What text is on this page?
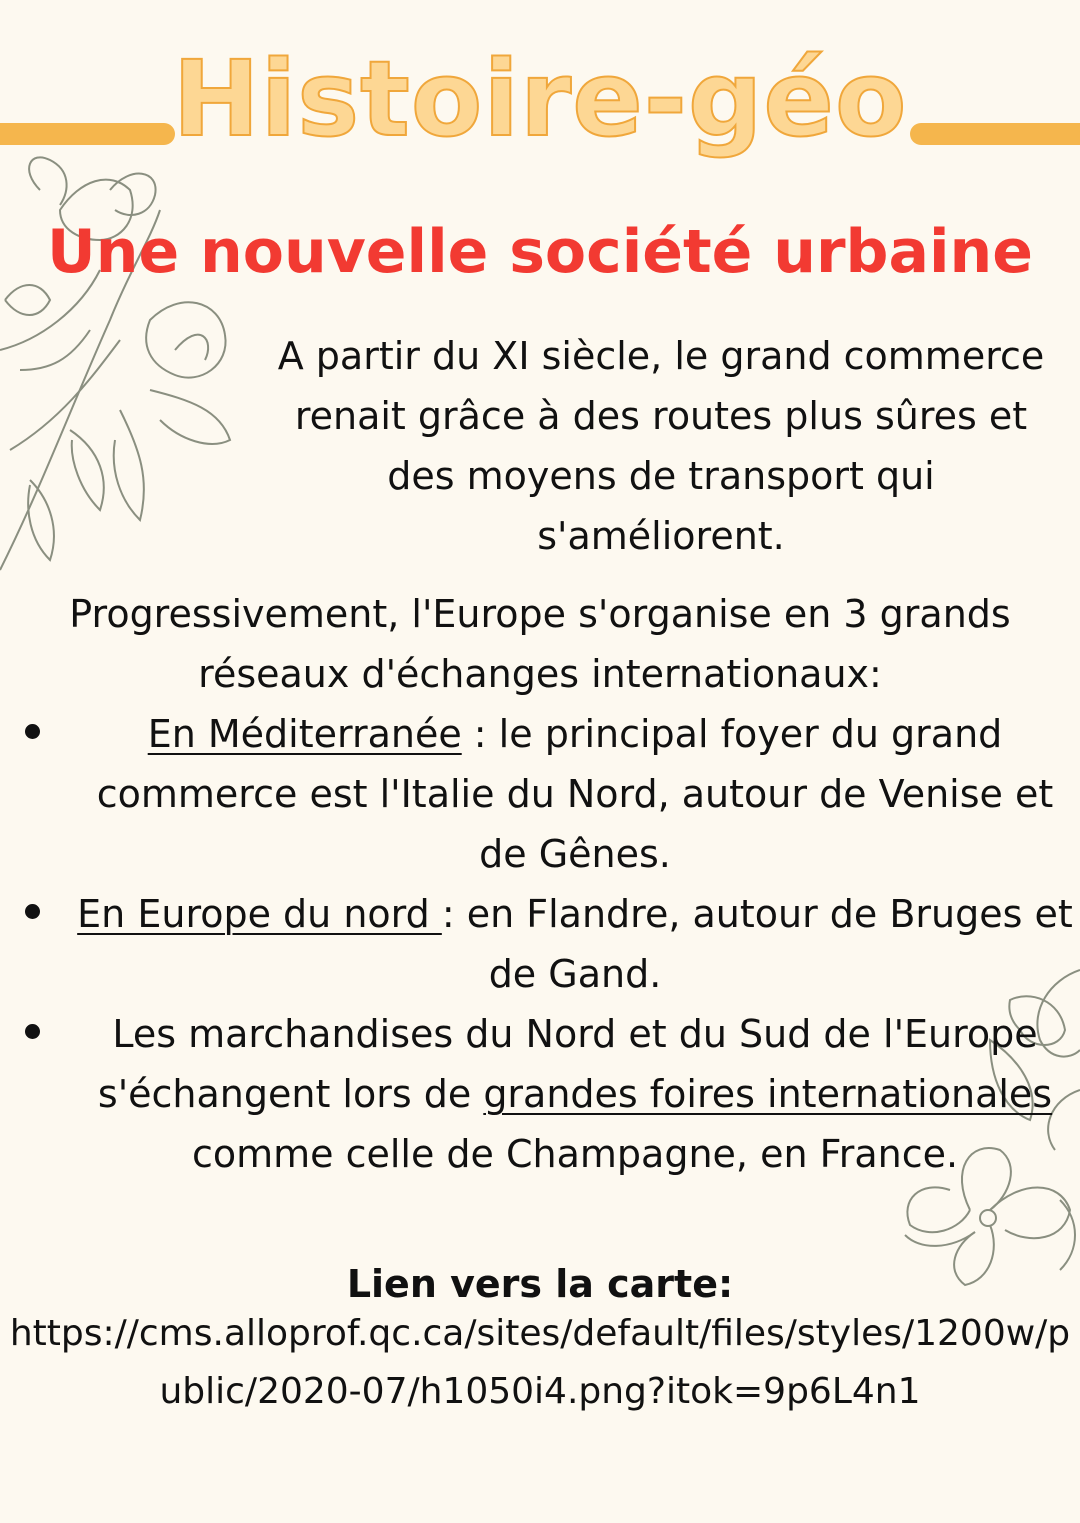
Histoire-géo
Une nouvelle société urbaine
A partir du XI siècle, le grand commerce renait grâce à des routes plus sûres et des moyens de transport qui s'améliorent.
Progressivement, l'Europe s'organise en 3 grands réseaux d'échanges internationaux:
En Méditerranée : le principal foyer du grand commerce est l'Italie du Nord, autour de Venise et de Gênes.
En Europe du nord : en Flandre, autour de Bruges et de Gand.
Les marchandises du Nord et du Sud de l'Europe s'échangent lors de grandes foires internationales comme celle de Champagne, en France.
Lien vers la carte:
https://cms.alloprof.qc.ca/sites/default/files/styles/1200w/public/2020-07/h1050i4.png?itok=9p6L4n1
